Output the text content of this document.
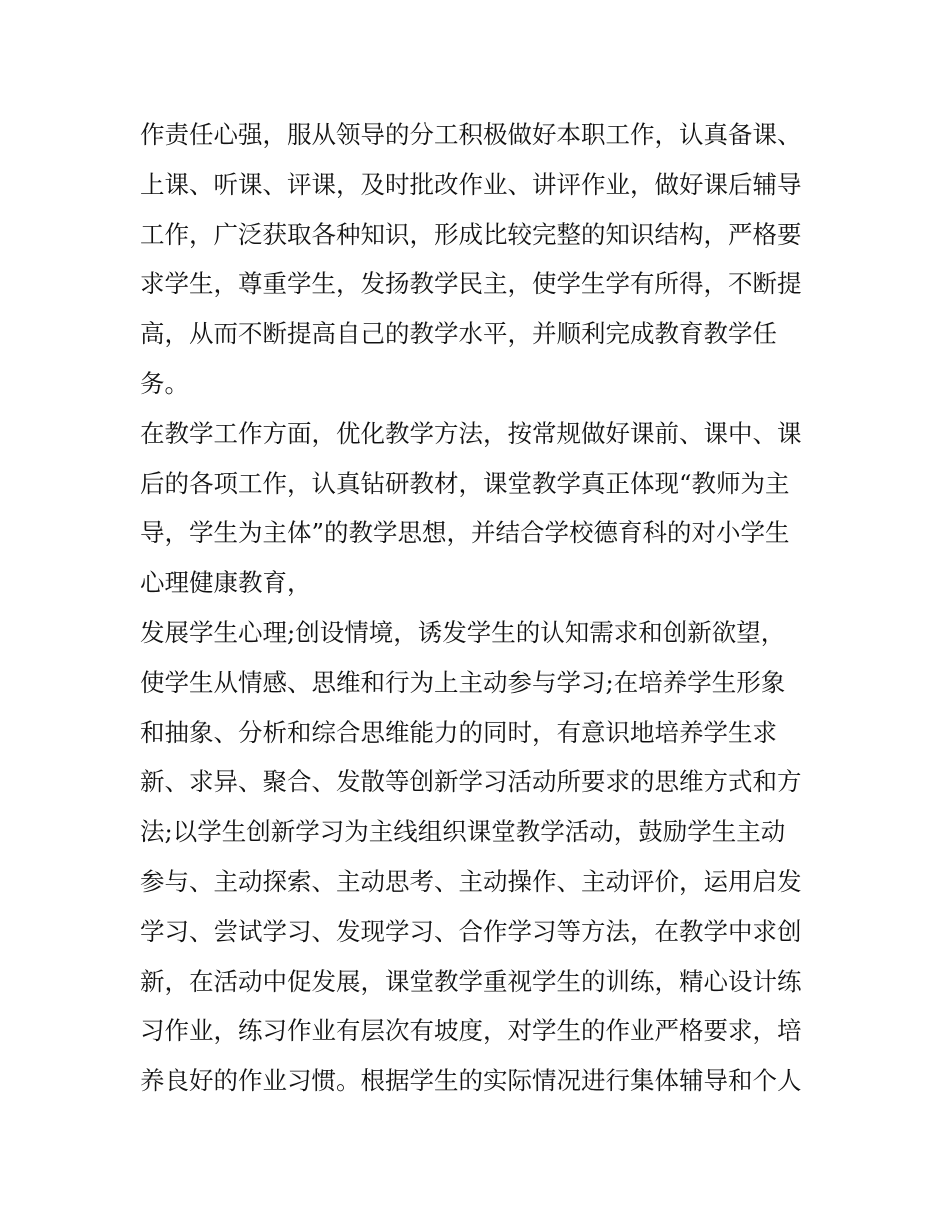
作责任心强，服从领导的分工积极做好本职工作，认真备课、
上课、听课、评课，及时批改作业、讲评作业，做好课后辅导
工作，广泛获取各种知识，形成比较完整的知识结构，严格要
求学生，尊重学生，发扬教学民主，使学生学有所得，不断提
高，从而不断提高自己的教学水平，并顺利完成教育教学任
务。
在教学工作方面，优化教学方法，按常规做好课前、课中、课
后的各项工作，认真钻研教材，课堂教学真正体现“教师为主
导，学生为主体”的教学思想，并结合学校德育科的对小学生
心理健康教育，
发展学生心理;创设情境，诱发学生的认知需求和创新欲望，
使学生从情感、思维和行为上主动参与学习;在培养学生形象
和抽象、分析和综合思维能力的同时，有意识地培养学生求
新、求异、聚合、发散等创新学习活动所要求的思维方式和方
法;以学生创新学习为主线组织课堂教学活动，鼓励学生主动
参与、主动探索、主动思考、主动操作、主动评价，运用启发
学习、尝试学习、发现学习、合作学习等方法，在教学中求创
新，在活动中促发展，课堂教学重视学生的训练，精心设计练
习作业，练习作业有层次有坡度，对学生的作业严格要求，培
养良好的作业习惯。根据学生的实际情况进行集体辅导和个人
